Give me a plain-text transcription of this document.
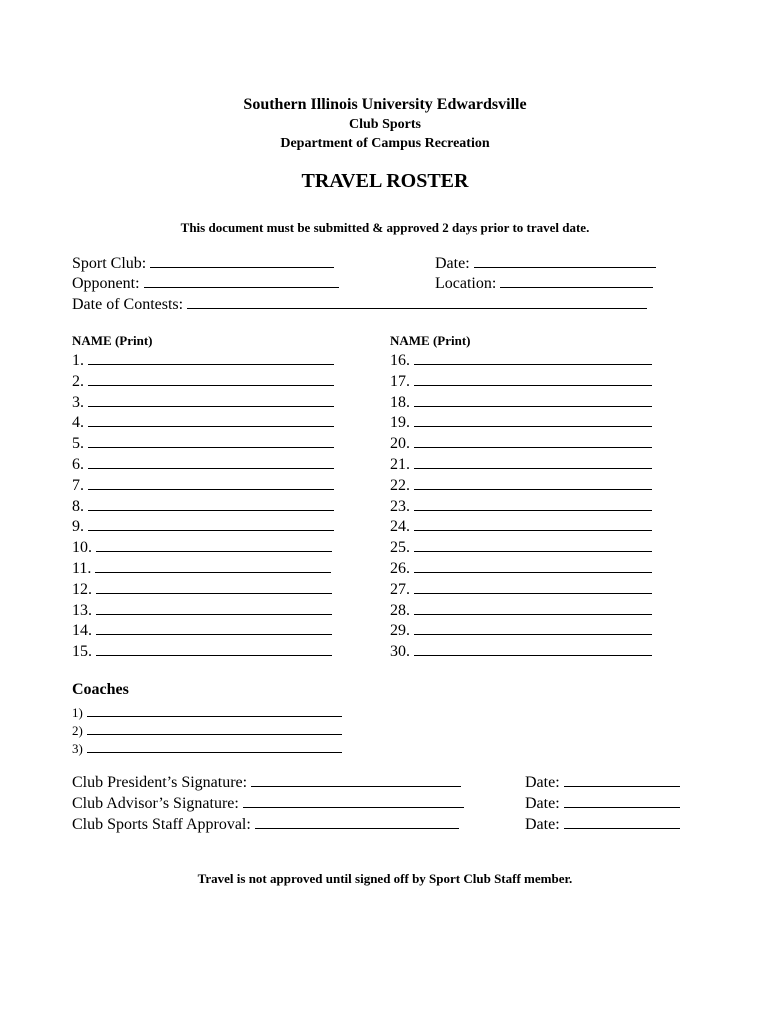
Southern Illinois University Edwardsville
Club Sports
Department of Campus Recreation
TRAVEL ROSTER
This document must be submitted & approved 2 days prior to travel date.
Sport Club:
Opponent:
Date of Contests:
Date:
Location:
NAME (Print)	NAME (Print)
1.
2.
3.
4.
5.
6.
7.
8.
9.
10.
11.
12.
13.
14.
15.
16.
17.
18.
19.
20.
21.
22.
23.
24.
25.
26.
27.
28.
29.
30.
Coaches
1)
2)
3)
Club President’s Signature:
Club Advisor’s Signature:
Club Sports Staff Approval:
Date:
Date:
Date:
Travel is not approved until signed off by Sport Club Staff member.
